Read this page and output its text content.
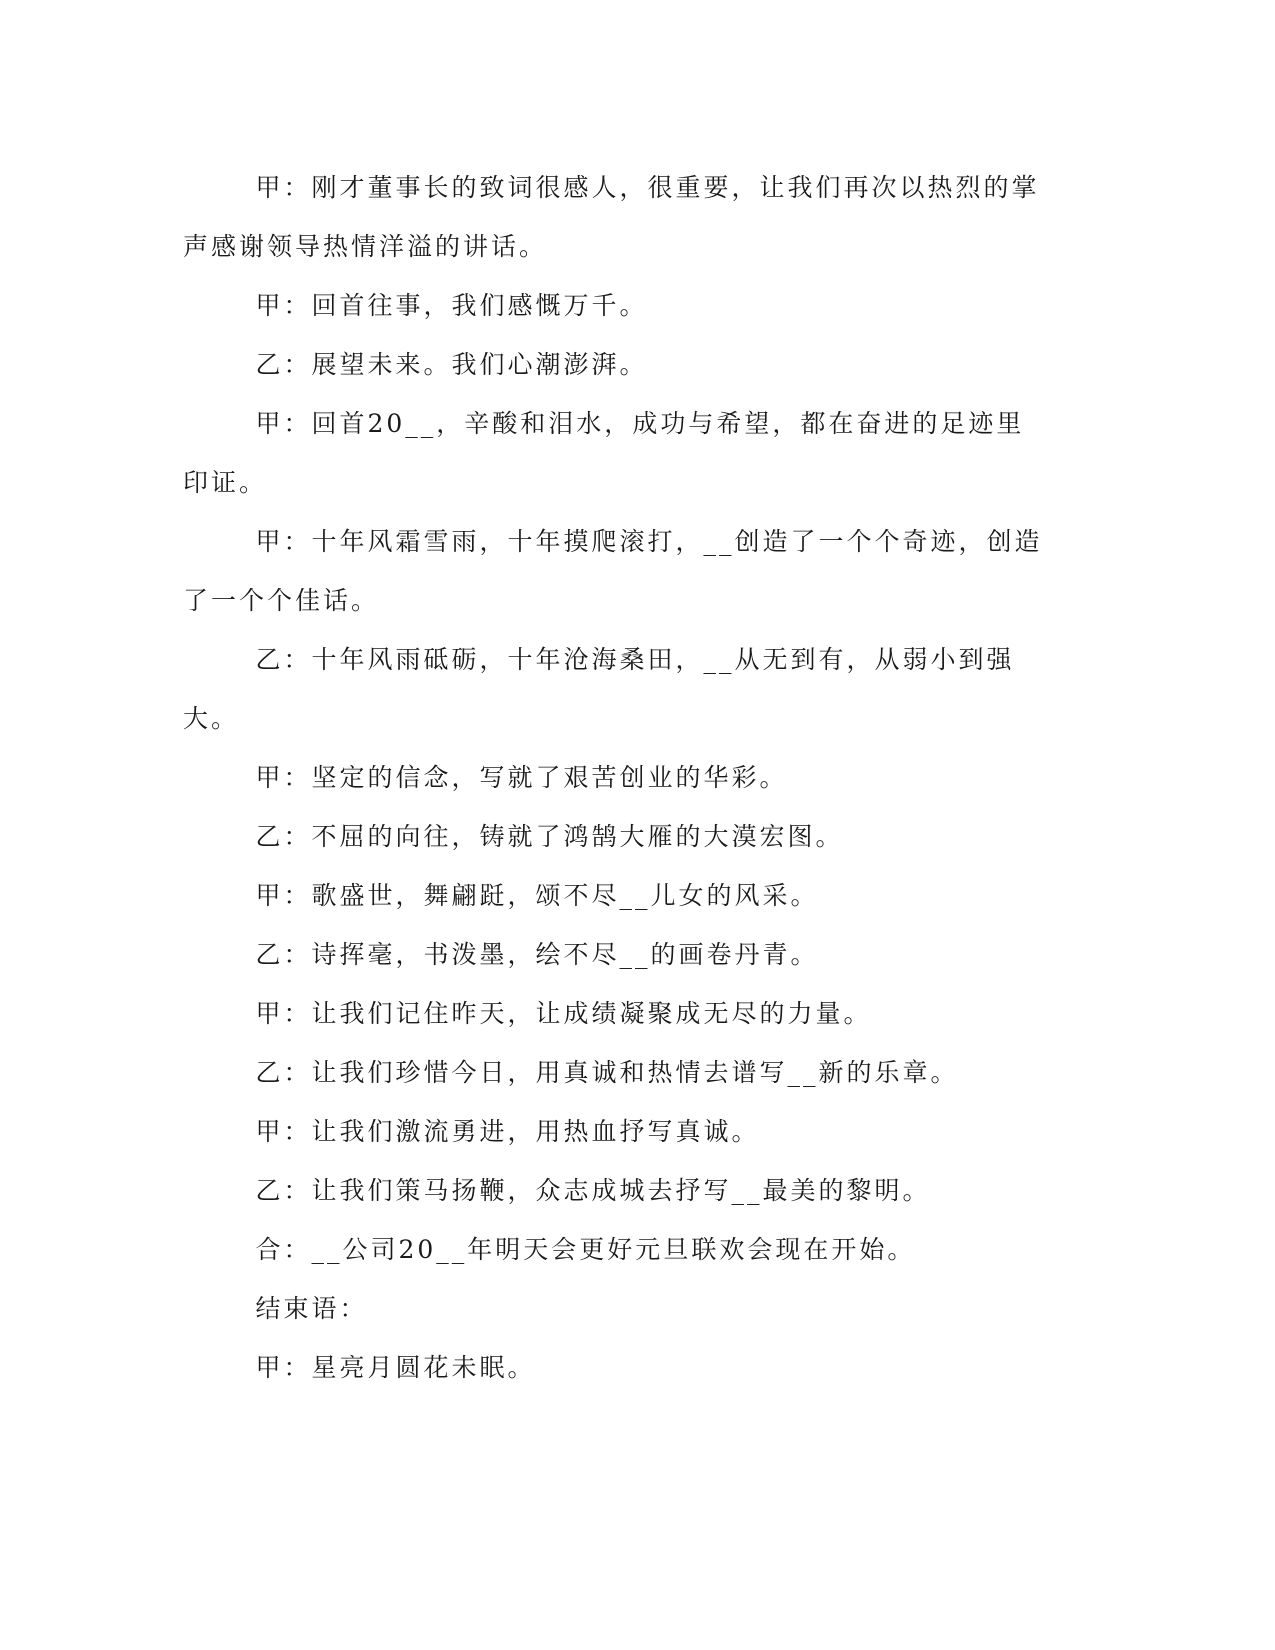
甲：刚才董事长的致词很感人，很重要，让我们再次以热烈的掌声感谢领导热情洋溢的讲话。

甲：回首往事，我们感慨万千。

乙：展望未来。我们心潮澎湃。

甲：回首20__，辛酸和泪水，成功与希望，都在奋进的足迹里印证。

甲：十年风霜雪雨，十年摸爬滚打，__创造了一个个奇迹，创造了一个个佳话。

乙：十年风雨砥砺，十年沧海桑田，__从无到有，从弱小到强大。

甲：坚定的信念，写就了艰苦创业的华彩。

乙：不屈的向往，铸就了鸿鹄大雁的大漠宏图。

甲：歌盛世，舞翩跹，颂不尽__儿女的风采。

乙：诗挥毫，书泼墨，绘不尽__的画卷丹青。

甲：让我们记住昨天，让成绩凝聚成无尽的力量。

乙：让我们珍惜今日，用真诚和热情去谱写__新的乐章。

甲：让我们激流勇进，用热血抒写真诚。

乙：让我们策马扬鞭，众志成城去抒写__最美的黎明。

合：__公司20__年明天会更好元旦联欢会现在开始。

结束语：

甲：星亮月圆花未眠。
